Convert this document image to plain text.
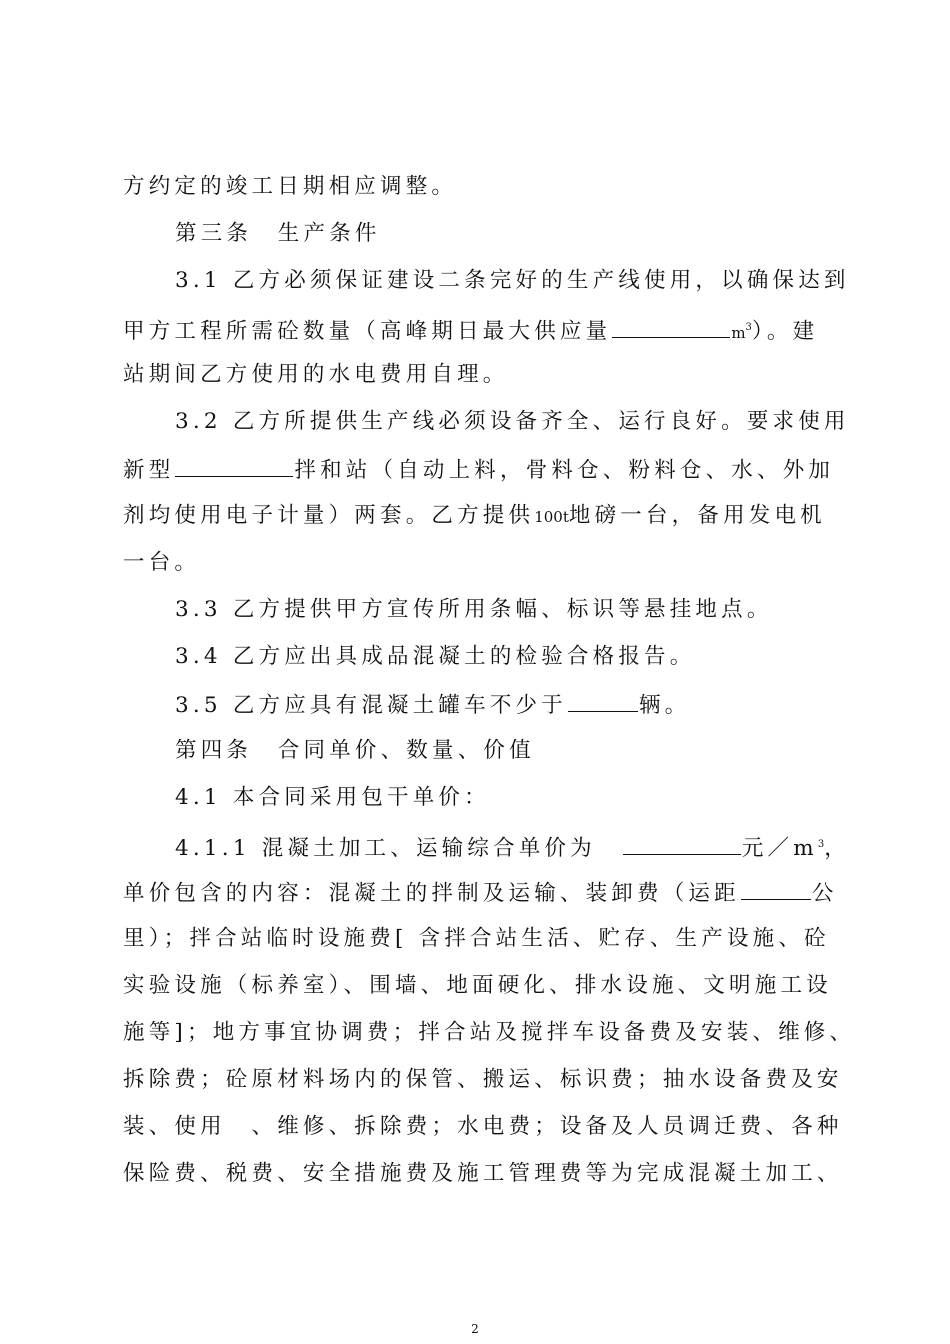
方约定的竣工日期相应调整。
第三条　生产条件
3.1 乙方必须保证建设二条完好的生产线使用，以确保达到
甲方工程所需砼数量（高峰期日最大供应量	$m^3$）。建
站期间乙方使用的水电费用自理。
3.2 乙方所提供生产线必须设备齐全、运行良好。要求使用
新型	拌和站（自动上料，骨料仓、粉料仓、水、外加
剂均使用电子计量）两套。乙方提供100t地磅一台，备用发电机
一台。
3.3 乙方提供甲方宣传所用条幅、标识等悬挂地点。
3.4 乙方应出具成品混凝土的检验合格报告。
3.5 乙方应具有混凝土罐车不少于	辆。
第四条　合同单价、数量、价值
4.1 本合同采用包干单价：
4.1.1 混凝土加工、运输综合单价为	元$/m^3$，
单价包含的内容：混凝土的拌制及运输、装卸费（运距	公
里）；拌合站临时设施费[ 含拌合站生活、贮存、生产设施、砼
实验设施（标养室）、围墙、地面硬化、排水设施、文明施工设
施等]；地方事宜协调费；拌合站及搅拌车设备费及安装、维修、
拆除费；砼原材料场内的保管、搬运、标识费；抽水设备费及安
装、使用　、维修、拆除费；水电费；设备及人员调迁费、各种
保险费、税费、安全措施费及施工管理费等为完成混凝土加工、
2
